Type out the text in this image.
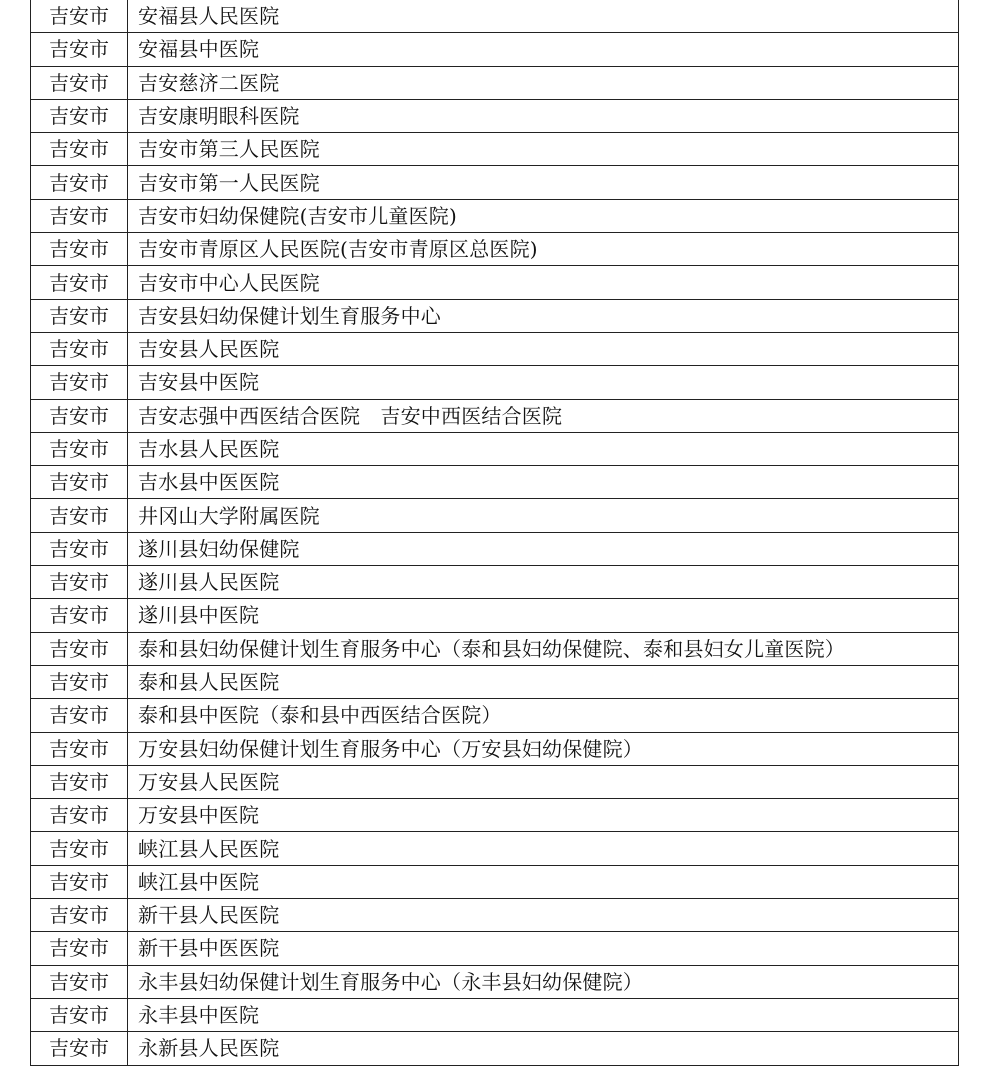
吉安市	安福县人民医院
吉安市	安福县中医院
吉安市	吉安慈济二医院
吉安市	吉安康明眼科医院
吉安市	吉安市第三人民医院
吉安市	吉安市第一人民医院
吉安市	吉安市妇幼保健院(吉安市儿童医院)
吉安市	吉安市青原区人民医院(吉安市青原区总医院)
吉安市	吉安市中心人民医院
吉安市	吉安县妇幼保健计划生育服务中心
吉安市	吉安县人民医院
吉安市	吉安县中医院
吉安市	吉安志强中西医结合医院　吉安中西医结合医院
吉安市	吉水县人民医院
吉安市	吉水县中医医院
吉安市	井冈山大学附属医院
吉安市	遂川县妇幼保健院
吉安市	遂川县人民医院
吉安市	遂川县中医院
吉安市	泰和县妇幼保健计划生育服务中心（泰和县妇幼保健院、泰和县妇女儿童医院）
吉安市	泰和县人民医院
吉安市	泰和县中医院（泰和县中西医结合医院）
吉安市	万安县妇幼保健计划生育服务中心（万安县妇幼保健院）
吉安市	万安县人民医院
吉安市	万安县中医院
吉安市	峡江县人民医院
吉安市	峡江县中医院
吉安市	新干县人民医院
吉安市	新干县中医医院
吉安市	永丰县妇幼保健计划生育服务中心（永丰县妇幼保健院）
吉安市	永丰县中医院
吉安市	永新县人民医院
